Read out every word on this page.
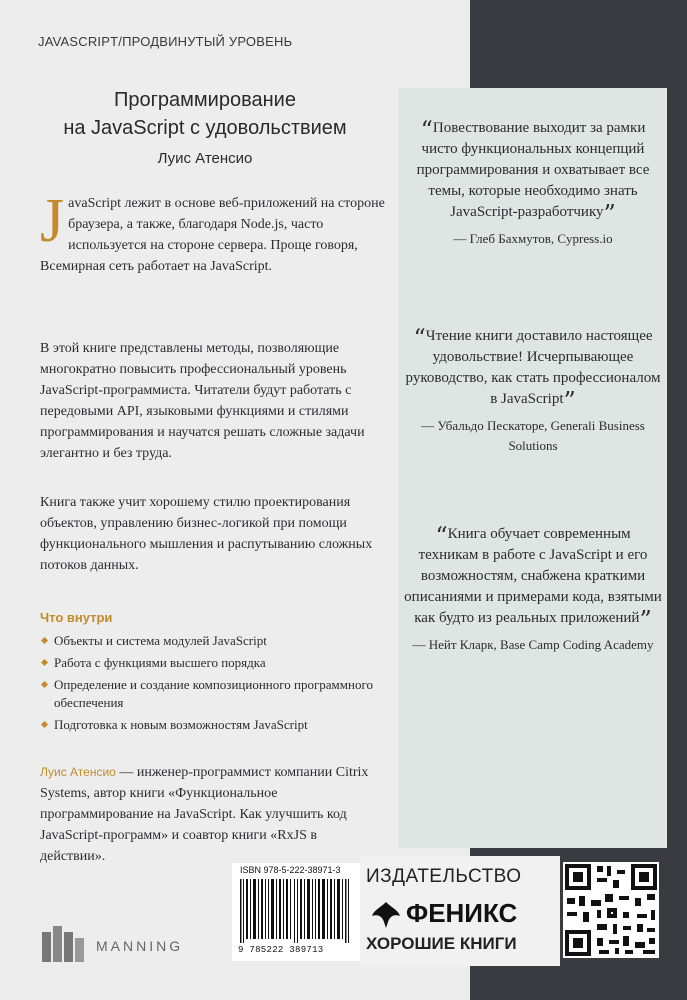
JAVASCRIPT/ПРОДВИНУТЫЙ УРОВЕНЬ
Программирование
на JavaScript с удовольствием
Луис Атенсио
JavaScript лежит в основе веб-приложений на стороне браузера, а также, благодаря Node.js, часто используется на стороне сервера. Проще говоря, Всемирная сеть работает на JavaScript.
В этой книге представлены методы, позволяющие многократно повысить профессиональный уровень JavaScript-программиста. Читатели будут работать с передовыми API, языковыми функциями и стилями программирования и научатся решать сложные задачи элегантно и без труда.
Книга также учит хорошему стилю проектирования объектов, управлению бизнес-логикой при помощи функционального мышления и распутыванию сложных потоков данных.
Что внутри
Объекты и система модулей JavaScript
Работа с функциями высшего порядка
Определение и создание композиционного программного обеспечения
Подготовка к новым возможностям JavaScript
Луис Атенсио — инженер-программист компании Citrix Systems, автор книги «Функциональное программирование на JavaScript. Как улучшить код JavaScript-программ» и соавтор книги «RxJS в действии».
“Повествование выходит за рамки чисто функциональных концепций программирования и охватывает все темы, которые необходимо знать JavaScript-разработчику”
— Глеб Бахмутов, Cypress.io
“Чтение книги доставило настоящее удовольствие! Исчерпывающее руководство, как стать профессионалом в JavaScript”
— Убальдо Пескаторе, Generali Business Solutions
“Книга обучает современным техникам в работе с JavaScript и его возможностям, снабжена краткими описаниями и примерами кода, взятыми как будто из реальных приложений”
— Нейт Кларк, Base Camp Coding Academy
MANNING
ISBN 978-5-222-38971-3
9 785222 389713
ИЗДАТЕЛЬСТВО
ФЕНИКС
ХОРОШИЕ КНИГИ
